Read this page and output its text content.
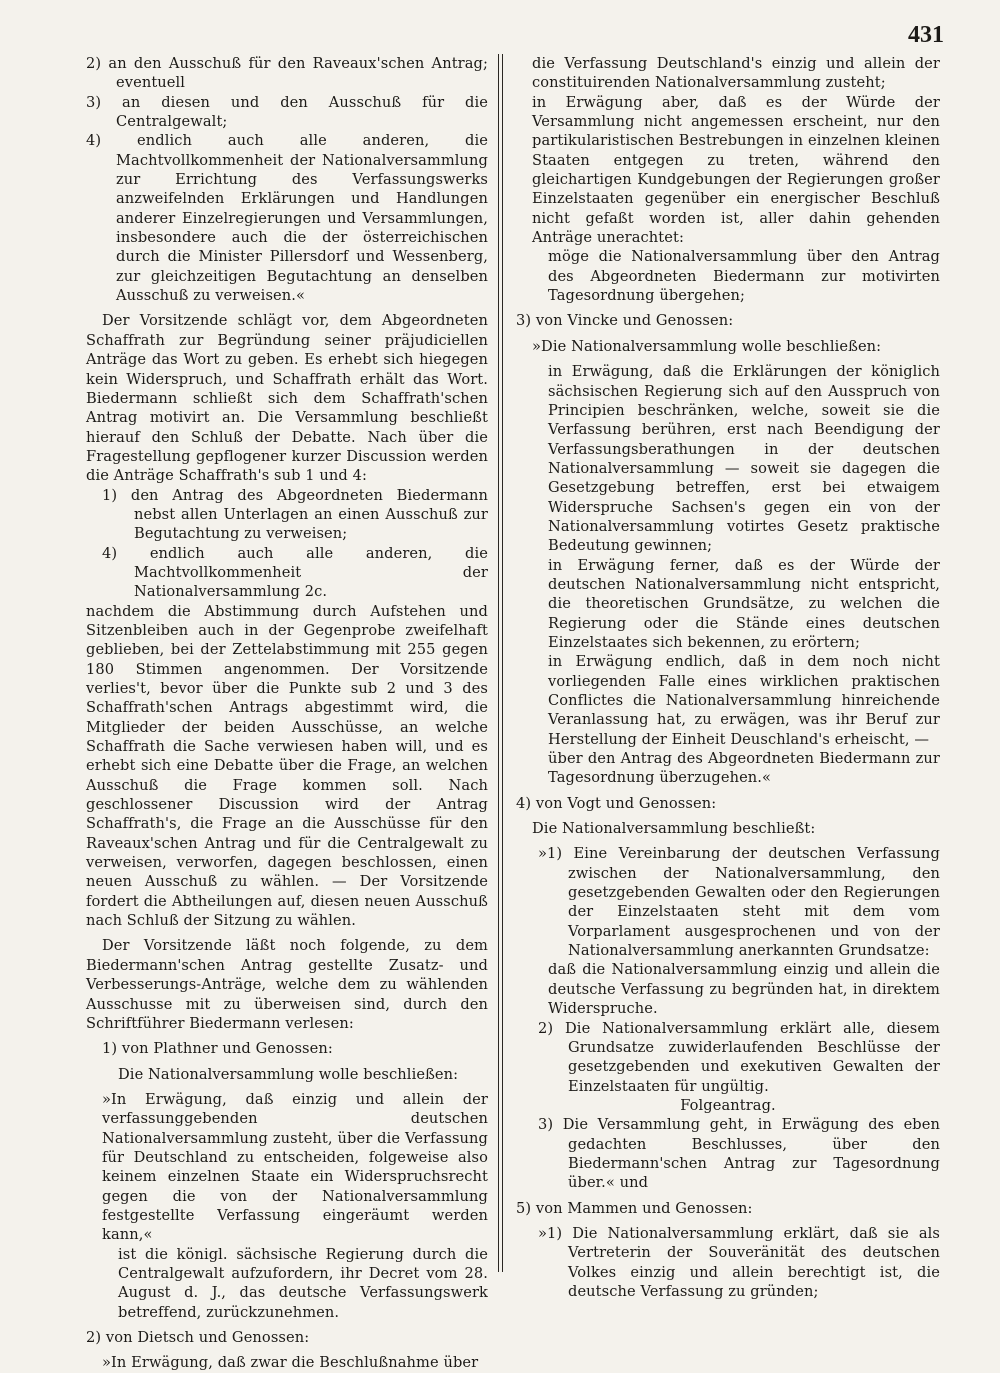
431

2) an den Ausschuß für den Raveaux'schen Antrag; eventuell

3) an diesen und den Ausschuß für die Centralgewalt;

4) endlich auch alle anderen, die Machtvollkommenheit der Nationalversammlung zur Errichtung des Verfassungswerks anzweifelnden Erklärungen und Handlungen anderer Einzelregierungen und Versammlungen, insbesondere auch die der österreichischen durch die Minister Pillersdorf und Wessenberg, zur gleichzeitigen Begutachtung an denselben Ausschuß zu verweisen.«

Der Vorsitzende schlägt vor, dem Abgeordneten Schaffrath zur Begründung seiner präjudiciellen Anträge das Wort zu geben. Es erhebt sich hiegegen kein Widerspruch, und Schaffrath erhält das Wort. Biedermann schließt sich dem Schaffrath'schen Antrag motivirt an. Die Versammlung beschließt hierauf den Schluß der Debatte. Nach über die Fragestellung gepflogener kurzer Discussion werden die Anträge Schaffrath's sub 1 und 4:

1) den Antrag des Abgeordneten Biedermann nebst allen Unterlagen an einen Ausschuß zur Begutachtung zu verweisen;

4) endlich auch alle anderen, die Machtvollkommenheit der Nationalversammlung 2c.

nachdem die Abstimmung durch Aufstehen und Sitzenbleiben auch in der Gegenprobe zweifelhaft geblieben, bei der Zettelabstimmung mit 255 gegen 180 Stimmen angenommen. Der Vorsitzende verlies't, bevor über die Punkte sub 2 und 3 des Schaffrath'schen Antrags abgestimmt wird, die Mitglieder der beiden Ausschüsse, an welche Schaffrath die Sache verwiesen haben will, und es erhebt sich eine Debatte über die Frage, an welchen Ausschuß die Frage kommen soll. Nach geschlossener Discussion wird der Antrag Schaffrath's, die Frage an die Ausschüsse für den Raveaux'schen Antrag und für die Centralgewalt zu verweisen, verworfen, dagegen beschlossen, einen neuen Ausschuß zu wählen. — Der Vorsitzende fordert die Abtheilungen auf, diesen neuen Ausschuß nach Schluß der Sitzung zu wählen.

Der Vorsitzende läßt noch folgende, zu dem Biedermann'schen Antrag gestellte Zusatz- und Verbesserungs-Anträge, welche dem zu wählenden Ausschusse mit zu überweisen sind, durch den Schriftführer Biedermann verlesen:

1) von Plathner und Genossen:

Die Nationalversammlung wolle beschließen:

»In Erwägung, daß einzig und allein der verfassunggebenden deutschen Nationalversammlung zusteht, über die Verfassung für Deutschland zu entscheiden, folgeweise also keinem einzelnen Staate ein Widerspruchsrecht gegen die von der Nationalversammlung festgestellte Verfassung eingeräumt werden kann,«

ist die königl. sächsische Regierung durch die Centralgewalt aufzufordern, ihr Decret vom 28. August d. J., das deutsche Verfassungswerk betreffend, zurückzunehmen.

2) von Dietsch und Genossen:

»In Erwägung, daß zwar die Beschlußnahme über

die Verfassung Deutschland's einzig und allein der constituirenden Nationalversammlung zusteht;

in Erwägung aber, daß es der Würde der Versammlung nicht angemessen erscheint, nur den partikularistischen Bestrebungen in einzelnen kleinen Staaten entgegen zu treten, während den gleichartigen Kundgebungen der Regierungen großer Einzelstaaten gegenüber ein energischer Beschluß nicht gefaßt worden ist, aller dahin gehenden Anträge unerachtet:

möge die Nationalversammlung über den Antrag des Abgeordneten Biedermann zur motivirten Tagesordnung übergehen;

3) von Vincke und Genossen:

»Die Nationalversammlung wolle beschließen:

in Erwägung, daß die Erklärungen der königlich sächsischen Regierung sich auf den Ausspruch von Principien beschränken, welche, soweit sie die Verfassung berühren, erst nach Beendigung der Verfassungsberathungen in der deutschen Nationalversammlung — soweit sie dagegen die Gesetzgebung betreffen, erst bei etwaigem Widerspruche Sachsen's gegen ein von der Nationalversammlung votirtes Gesetz praktische Bedeutung gewinnen;

in Erwägung ferner, daß es der Würde der deutschen Nationalversammlung nicht entspricht, die theoretischen Grundsätze, zu welchen die Regierung oder die Stände eines deutschen Einzelstaates sich bekennen, zu erörtern;

in Erwägung endlich, daß in dem noch nicht vorliegenden Falle eines wirklichen praktischen Conflictes die Nationalversammlung hinreichende Veranlassung hat, zu erwägen, was ihr Beruf zur Herstellung der Einheit Deuschland's erheischt, —

über den Antrag des Abgeordneten Biedermann zur Tagesordnung überzugehen.«

4) von Vogt und Genossen:

Die Nationalversammlung beschließt:

»1) Eine Vereinbarung der deutschen Verfassung zwischen der Nationalversammlung, den gesetzgebenden Gewalten oder den Regierungen der Einzelstaaten steht mit dem vom Vorparlament ausgesprochenen und von der Nationalversammlung anerkannten Grundsatze:

daß die Nationalversammlung einzig und allein die deutsche Verfassung zu begründen hat, in direktem Widerspruche.

2) Die Nationalversammlung erklärt alle, diesem Grundsatze zuwiderlaufenden Beschlüsse der gesetzgebenden und exekutiven Gewalten der Einzelstaaten für ungültig.

Folgeantrag.

3) Die Versammlung geht, in Erwägung des eben gedachten Beschlusses, über den Biedermann'schen Antrag zur Tagesordnung über.« und

5) von Mammen und Genossen:

»1) Die Nationalversammlung erklärt, daß sie als Vertreterin der Souveränität des deutschen Volkes einzig und allein berechtigt ist, die deutsche Verfassung zu gründen;
